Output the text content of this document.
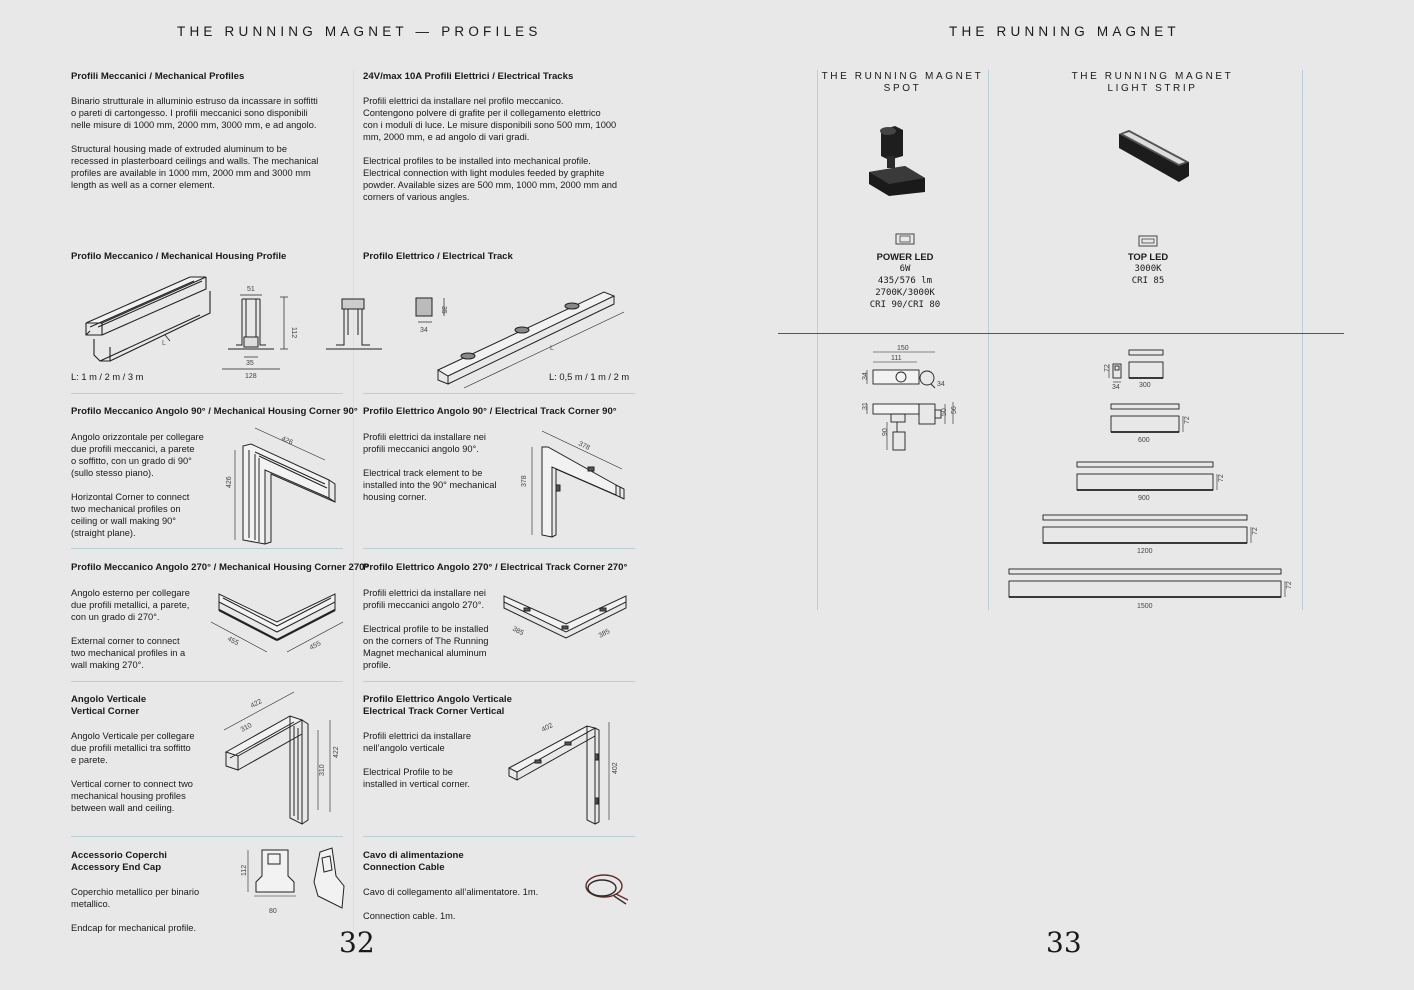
THE RUNNING MAGNET — PROFILES
Profili Meccanici / Mechanical Profiles
Binario strutturale in alluminio estruso da incassare in soffitti
o pareti di cartongesso. I profili meccanici sono disponibili
nelle misure di 1000 mm, 2000 mm, 3000 mm, e ad angolo.
Structural housing made of extruded aluminum to be
recessed in plasterboard ceilings and walls. The mechanical
profiles are available in 1000 mm, 2000 mm and 3000 mm
length as well as a corner element.
24V/max 10A Profili Elettrici / Electrical Tracks
Profili elettrici da installare nel profilo meccanico.
Contengono polvere di grafite per il collegamento elettrico
con i moduli di luce. Le misure disponibili sono 500 mm, 1000
mm, 2000 mm, e ad angolo di vari gradi.
Electrical profiles to be installed into mechanical profile.
Electrical connection with light modules feeded by graphite
powder. Available sizes are 500 mm, 1000 mm, 2000 mm and
corners of various angles.
Profilo Meccanico / Mechanical Housing Profile	Profilo Elettrico / Electrical Track
L
51
112
35
128
L: 1 m / 2 m / 3 m
35
34
L
L: 0,5 m / 1 m / 2 m
Profilo Meccanico Angolo 90° / Mechanical Housing Corner 90°
Angolo orizzontale per collegare
due profili meccanici, a parete
o soffitto, con un grado di 90°
(sullo stesso piano).
Horizontal Corner to connect
two mechanical profiles on
ceiling or wall making 90°
(straight plane).
426
426
Profilo Elettrico Angolo 90° / Electrical Track Corner 90°
Profili elettrici da installare nei
profili meccanici angolo 90°.
Electrical track element to be
installed into the 90° mechanical
housing corner.
378
378
Profilo Meccanico Angolo 270° / Mechanical Housing Corner 270°
Angolo esterno per collegare
due profili metallici, a parete,
con un grado di 270°.
External corner to connect
two mechanical profiles in a
wall making 270°.
455	455
Profilo Elettrico Angolo 270° / Electrical Track Corner 270°
Profili elettrici da installare nei
profili meccanici angolo 270°.
Electrical profile to be installed
on the corners of The Running
Magnet mechanical aluminum
profile.
385	385
Angolo Verticale
Vertical Corner
Angolo Verticale per collegare
due profili metallici tra soffitto
e parete.
Vertical corner to connect two
mechanical housing profiles
between wall and ceiling.
422
310
422
310
Profilo Elettrico Angolo Verticale
Electrical Track Corner Vertical
Profili elettrici da installare
nell’angolo verticale
Electrical Profile to be
installed in vertical corner.
402
402
Accessorio Coperchi
Accessory End Cap
Coperchio metallico per binario
metallico.
Endcap for mechanical profile.
112
80
Cavo di alimentazione
Connection Cable
Cavo di collegamento all’alimentatore. 1m.
Connection cable. 1m.
32
THE RUNNING MAGNET
THE RUNNING MAGNET
SPOT
POWER LED
6W
435/576 lm
2700K/3000K
CRI 90/CRI 80
THE RUNNING MAGNET
LIGHT STRIP
TOP LED
3000K
CRI 85
150
111
34
34
31
50 56
90
72
34	300
600
72
900
72
1200
72
1500
72
33
